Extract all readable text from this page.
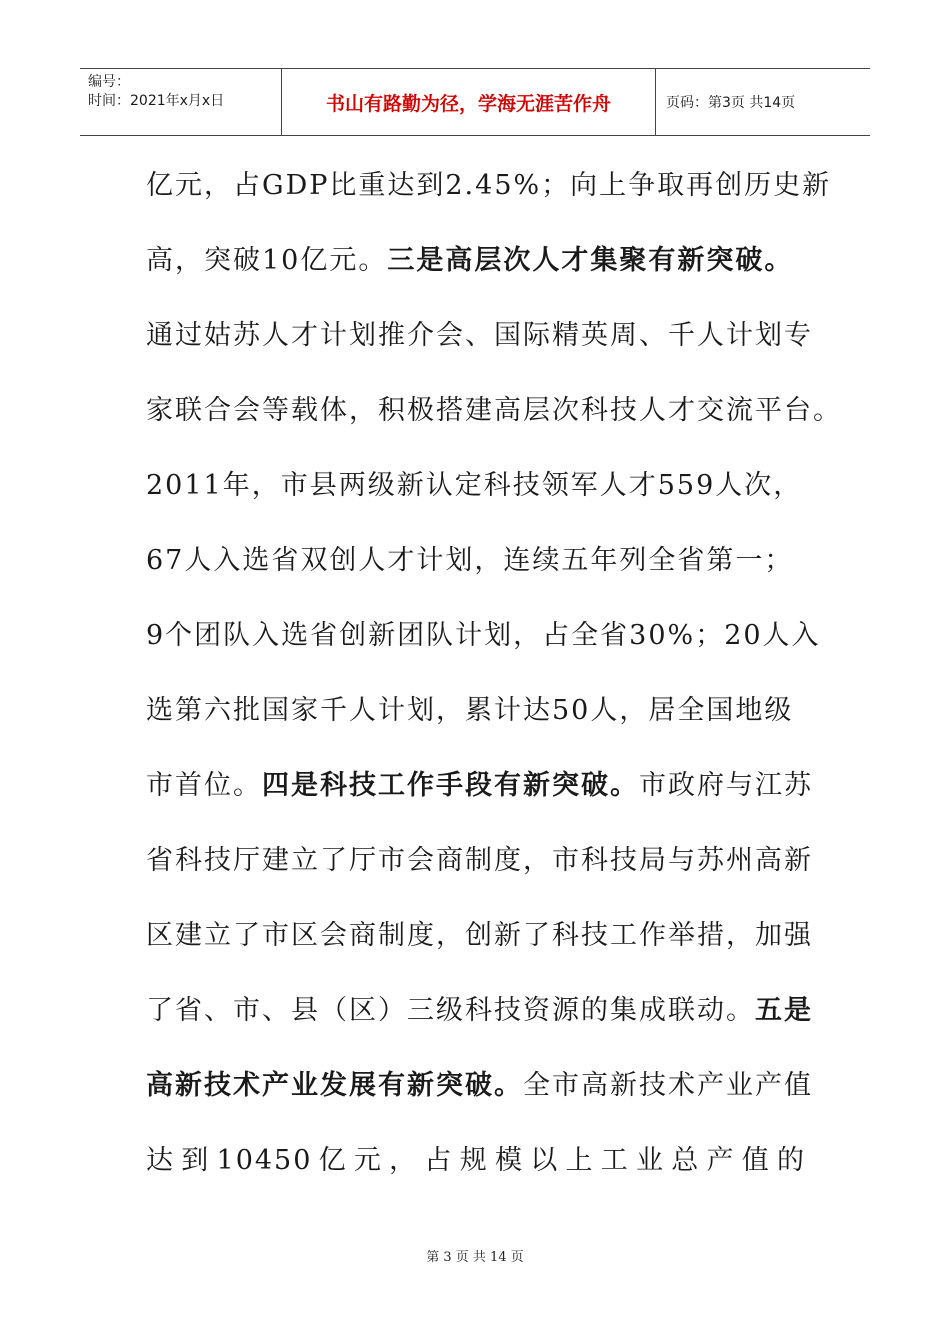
编号：
时间：2021年x月x日	书山有路勤为径，学海无涯苦作舟	页码：第3页 共14页
亿元，占GDP比重达到2.45%；向上争取再创历史新
高，突破10亿元。三是高层次人才集聚有新突破。
通过姑苏人才计划推介会、国际精英周、千人计划专
家联合会等载体，积极搭建高层次科技人才交流平台。
2011年，市县两级新认定科技领军人才559人次，
67人入选省双创人才计划，连续五年列全省第一；
9个团队入选省创新团队计划，占全省30%；20人入
选第六批国家千人计划，累计达50人，居全国地级
市首位。四是科技工作手段有新突破。市政府与江苏
省科技厅建立了厅市会商制度，市科技局与苏州高新
区建立了市区会商制度，创新了科技工作举措，加强
了省、市、县（区）三级科技资源的集成联动。五是
高新技术产业发展有新突破。全市高新技术产业产值
达到10450亿元，占规模以上工业总产值的
第 3 页 共 14 页
